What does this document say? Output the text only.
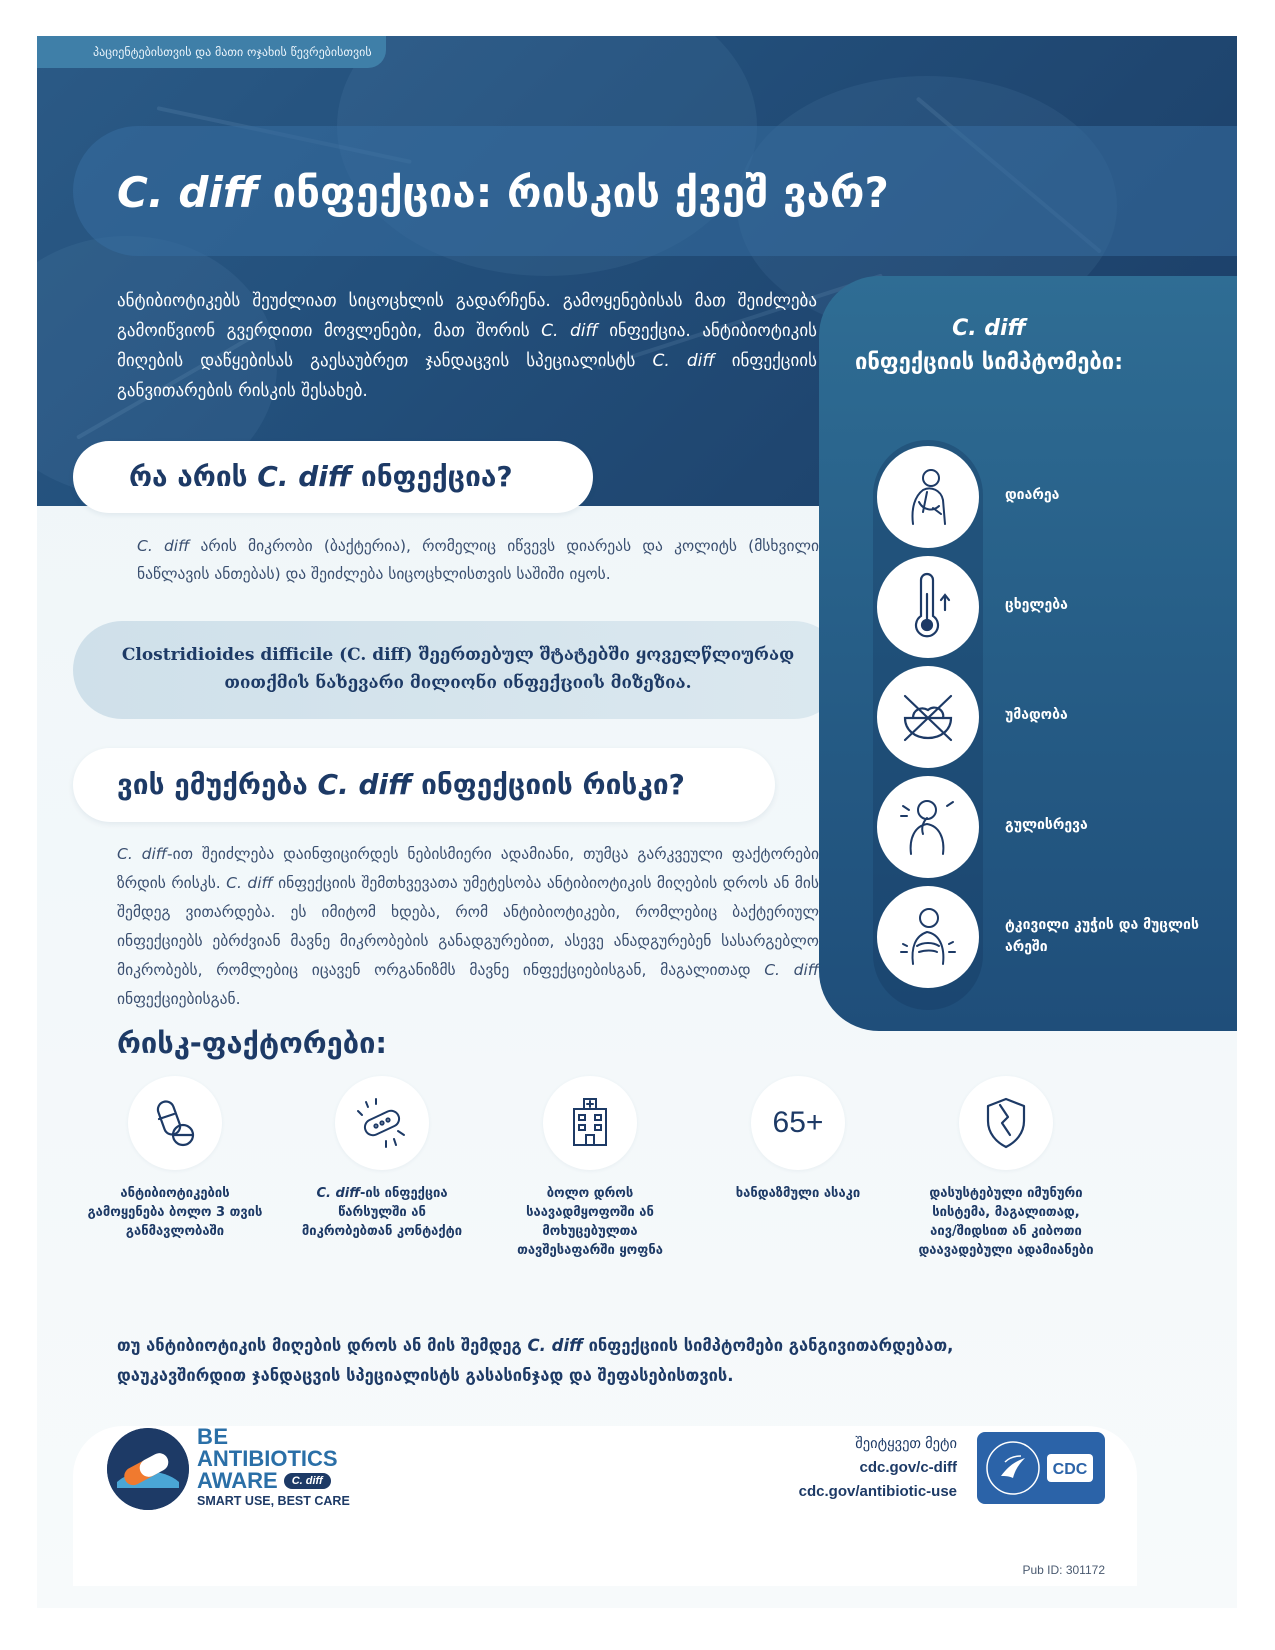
პაციენტებისთვის და მათი ოჯახის წევრებისთვის
C. diff ინფექცია: რისკის ქვეშ ვარ?

ანტიბიოტიკებს შეუძლიათ სიცოცხლის გადარჩენა. გამოყენებისას მათ შეიძლება გამოიწვიონ გვერდითი მოვლენები, მათ შორის C. diff ინფექცია. ანტიბიოტიკის მიღების დაწყებისას გაესაუბრეთ ჯანდაცვის სპეციალისტს C. diff ინფექციის განვითარების რისკის შესახებ.

რა არის C. diff ინფექცია?

C. diff არის მიკრობი (ბაქტერია), რომელიც იწვევს დიარეას და კოლიტს (მსხვილი ნაწლავის ანთებას) და შეიძლება სიცოცხლისთვის საშიში იყოს.

Clostridioides difficile (C. diff) შეერთებულ შტატებში ყოველწლიურად თითქმის ნახევარი მილიონი ინფექციის მიზეზია.

ვის ემუქრება C. diff ინფექციის რისკი?

C. diff-ით შეიძლება დაინფიცირდეს ნებისმიერი ადამიანი, თუმცა გარკვეული ფაქტორები ზრდის რისკს. C. diff ინფექციის შემთხვევათა უმეტესობა ანტიბიოტიკის მიღების დროს ან მის შემდეგ ვითარდება. ეს იმიტომ ხდება, რომ ანტიბიოტიკები, რომლებიც ბაქტერიულ ინფექციებს ებრძვიან მავნე მიკრობების განადგურებით, ასევე ანადგურებენ სასარგებლო მიკრობებს, რომლებიც იცავენ ორგანიზმს მავნე ინფექციებისგან, მაგალითად C. diff ინფექციებისგან.

რისკ-ფაქტორები:
ანტიბიოტიკების გამოყენება ბოლო 3 თვის განმავლობაში
C. diff-ის ინფექცია წარსულში ან მიკრობებთან კონტაქტი
ბოლო დროს საავადმყოფოში ან მოხუცებულთა თავშესაფარში ყოფნა
65+
ხანდაზმული ასაკი	დასუსტებული იმუნური სისტემა, მაგალითად, აივ/შიდსით ან კიბოთი დაავადებული ადამიანები

თუ ანტიბიოტიკის მიღების დროს ან მის შემდეგ C. diff ინფექციის სიმპტომები განგივითარდებათ, დაუკავშირდით ჯანდაცვის სპეციალისტს გასასინჯად და შეფასებისთვის.

C. diff
ინფექციის სიმპტომები:
დიარეა
ცხელება
უმადობა
გულისრევა
ტკივილი კუჭის და მუცლის არეში
BE
ANTIBIOTICS
AWARE	C. diff
SMART USE, BEST CARE
შეიტყვეთ მეტი
cdc.gov/c-diff
cdc.gov/antibiotic-use
CDC
Pub ID: 301172
